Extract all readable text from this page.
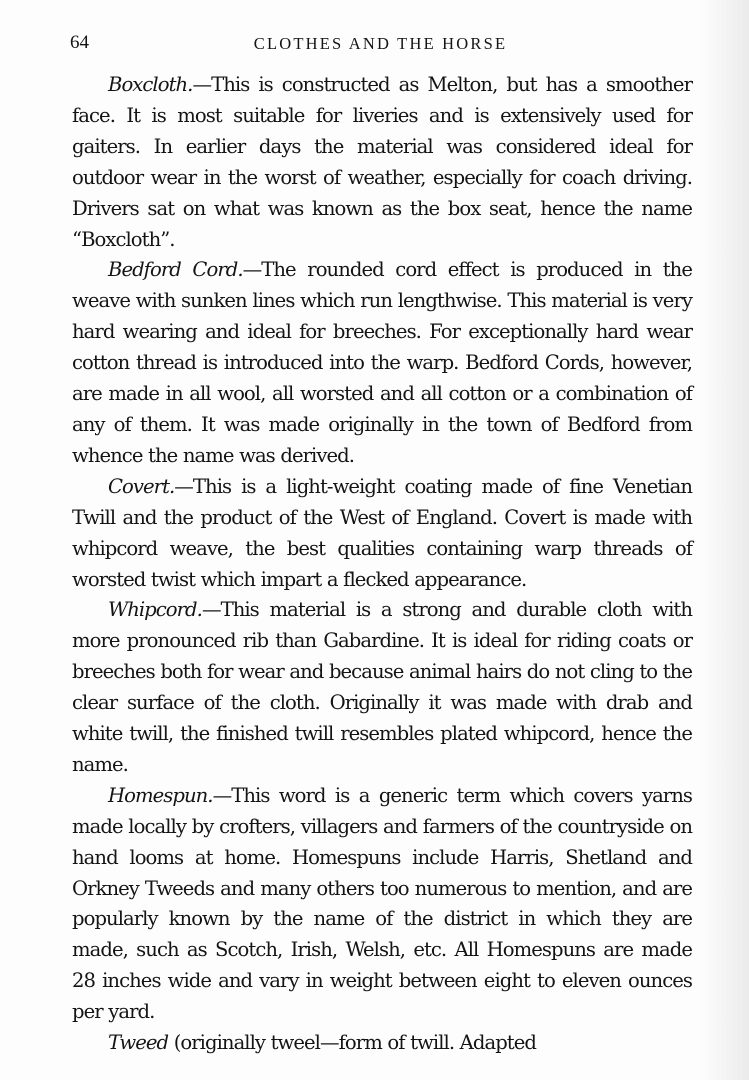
64	CLOTHES AND THE HORSE

Boxcloth.—This is constructed as Melton, but has a smoother face. It is most suitable for liveries and is extensively used for gaiters. In earlier days the material was considered ideal for outdoor wear in the worst of weather, especially for coach driving. Drivers sat on what was known as the box seat, hence the name “Boxcloth”.

Bedford Cord.—The rounded cord effect is produced in the weave with sunken lines which run lengthwise. This material is very hard wearing and ideal for breeches. For exceptionally hard wear cotton thread is introduced into the warp. Bedford Cords, however, are made in all wool, all worsted and all cotton or a combination of any of them. It was made originally in the town of Bedford from whence the name was derived.

Covert.—This is a light-weight coating made of fine Venetian Twill and the product of the West of England. Covert is made with whipcord weave, the best qualities containing warp threads of worsted twist which impart a flecked appearance.

Whipcord.—This material is a strong and durable cloth with more pronounced rib than Gabardine. It is ideal for riding coats or breeches both for wear and because animal hairs do not cling to the clear surface of the cloth. Originally it was made with drab and white twill, the finished twill resembles plated whipcord, hence the name.

Homespun.—This word is a generic term which covers yarns made locally by crofters, villagers and farmers of the countryside on hand looms at home. Homespuns include Harris, Shetland and Orkney Tweeds and many others too numerous to mention, and are popularly known by the name of the district in which they are made, such as Scotch, Irish, Welsh, etc. All Homespuns are made 28 inches wide and vary in weight between eight to eleven ounces per yard.

Tweed (originally tweel—form of twill. Adapted
